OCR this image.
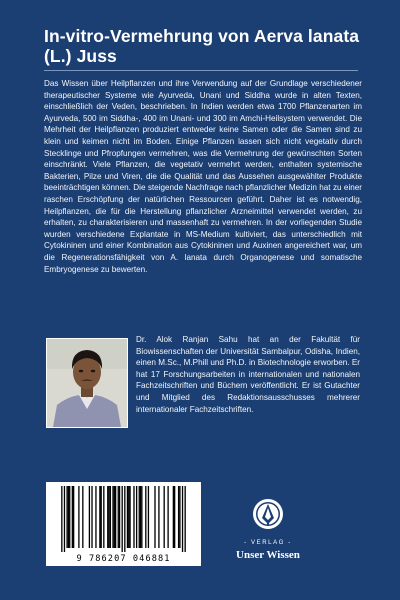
In-vitro-Vermehrung von Aerva lanata (L.) Juss

Das Wissen über Heilpflanzen und ihre Verwendung auf der Grundlage verschiedener therapeutischer Systeme wie Ayurveda, Unani und Siddha wurde in alten Texten, einschließlich der Veden, beschrieben. In Indien werden etwa 1700 Pflanzenarten im Ayurveda, 500 im Siddha-, 400 im Unani- und 300 im Amchi-Heilsystem verwendet. Die Mehrheit der Heilpflanzen produziert entweder keine Samen oder die Samen sind zu klein und keimen nicht im Boden. Einige Pflanzen lassen sich nicht vegetativ durch Stecklinge und Pfropfungen vermehren, was die Vermehrung der gewünschten Sorten einschränkt. Viele Pflanzen, die vegetativ vermehrt werden, enthalten systemische Bakterien, Pilze und Viren, die die Qualität und das Aussehen ausgewählter Produkte beeinträchtigen können. Die steigende Nachfrage nach pflanzlicher Medizin hat zu einer raschen Erschöpfung der natürlichen Ressourcen geführt. Daher ist es notwendig, Heilpflanzen, die für die Herstellung pflanzlicher Arzneimittel verwendet werden, zu erhalten, zu charakterisieren und massenhaft zu vermehren. In der vorliegenden Studie wurden verschiedene Explantate in MS-Medium kultiviert, das unterschiedlich mit Cytokininen und einer Kombination aus Cytokininen und Auxinen angereichert war, um die Regenerationsfähigkeit von A. lanata durch Organogenese und somatische Embryogenese zu bewerten.

Dr. Alok Ranjan Sahu hat an der Fakultät für Biowissenschaften der Universität Sambalpur, Odisha, Indien, einen M.Sc., M.Phill und Ph.D. in Biotechnologie erworben. Er hat 17 Forschungsarbeiten in internationalen und nationalen Fachzeitschriften und Büchern veröffentlicht. Er ist Gutachter und Mitglied des Redaktionsausschusses mehrerer internationaler Fachzeitschriften.

9 786207 046881
- VERLAG -
Unser Wissen
